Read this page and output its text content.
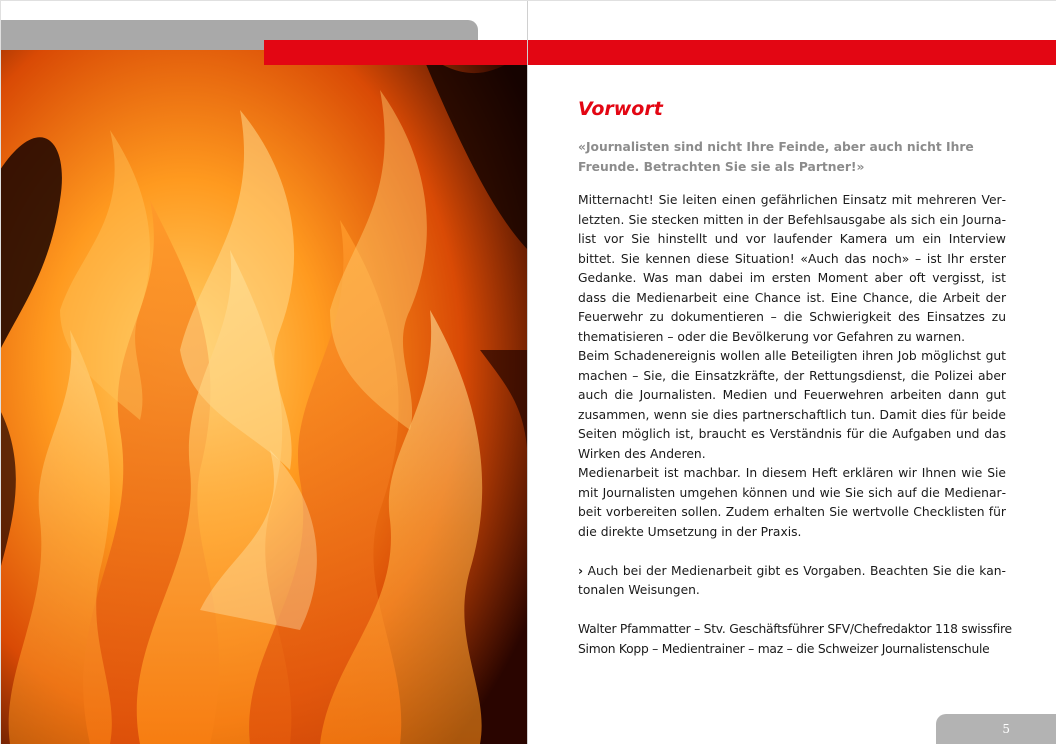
Vorwort

«Journalisten sind nicht Ihre Feinde, aber auch nicht Ihre Freunde. Betrachten Sie sie als Partner!»

Mitternacht! Sie leiten einen gefährlichen Einsatz mit mehreren Verletzten. Sie stecken mitten in der Befehlsausgabe als sich ein Journalist vor Sie hinstellt und vor laufender Kamera um ein Interview bittet. Sie kennen diese Situation! «Auch das noch» – ist Ihr erster Gedanke. Was man dabei im ersten Moment aber oft vergisst, ist dass die Medienarbeit eine Chance ist. Eine Chance, die Arbeit der Feuerwehr zu dokumentieren – die Schwierigkeit des Einsatzes zu thematisieren – oder die Bevölkerung vor Gefahren zu warnen.

Beim Schadenereignis wollen alle Beteiligten ihren Job möglichst gut machen – Sie, die Einsatzkräfte, der Rettungsdienst, die Polizei aber auch die Journalisten. Medien und Feuerwehren arbeiten dann gut zusammen, wenn sie dies partnerschaftlich tun. Damit dies für beide Seiten möglich ist, braucht es Verständnis für die Aufgaben und das Wirken des Anderen.

Medienarbeit ist machbar. In diesem Heft erklären wir Ihnen wie Sie mit Journalisten umgehen können und wie Sie sich auf die Medienarbeit vorbereiten sollen. Zudem erhalten Sie wertvolle Checklisten für die direkte Umsetzung in der Praxis.

› Auch bei der Medienarbeit gibt es Vorgaben. Beachten Sie die kantonalen Weisungen.
Walter Pfammatter – Stv. Geschäftsführer SFV/Chefredaktor 118 swissfire
Simon Kopp – Medientrainer – maz – die Schweizer Journalistenschule
5
